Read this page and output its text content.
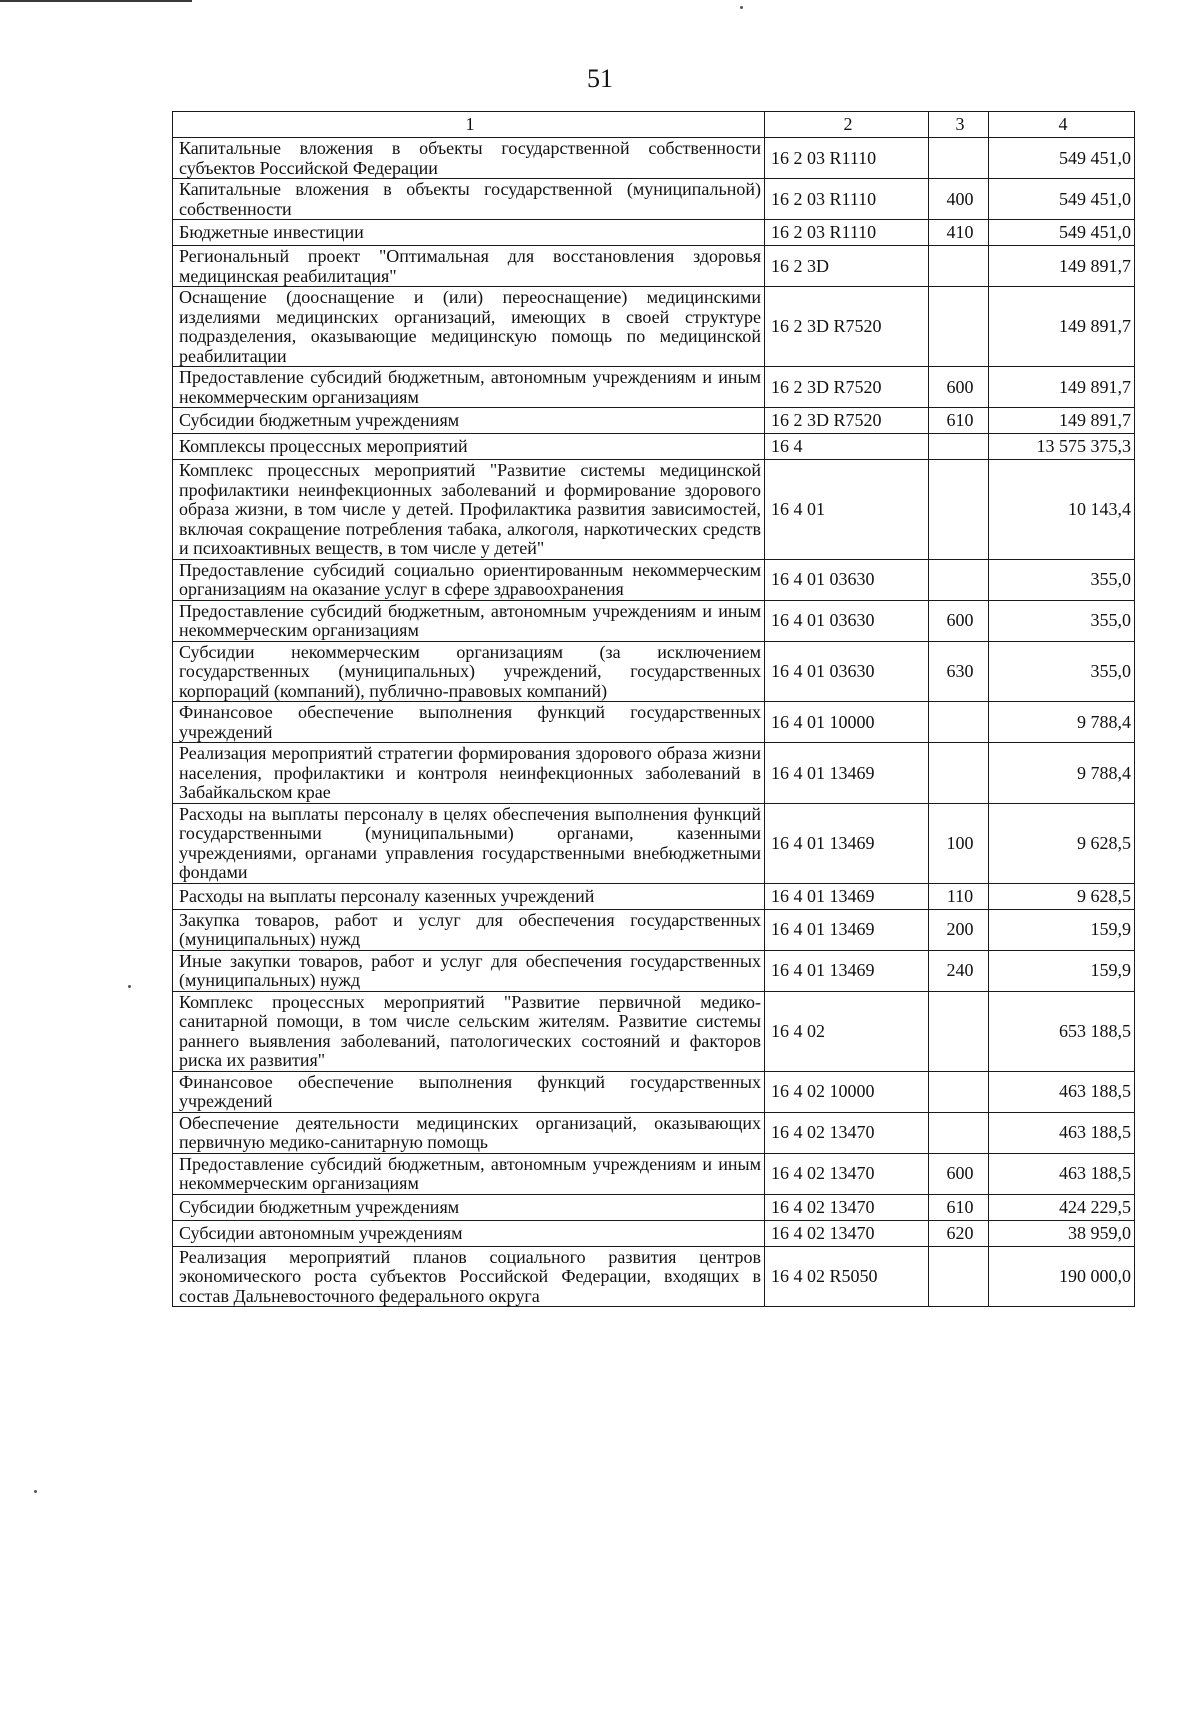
51
1	2	3	4
Капитальные вложения в объекты государственной собственности субъектов Российской Федерации	16 2 03 R1110		549 451,0
Капитальные вложения в объекты государственной (муниципальной) собственности	16 2 03 R1110	400	549 451,0
Бюджетные инвестиции	16 2 03 R1110	410	549 451,0
Региональный проект "Оптимальная для восстановления здоровья медицинская реабилитация"	16 2 3D		149 891,7
Оснащение (дооснащение и (или) переоснащение) медицинскими изделиями медицинских организаций, имеющих в своей структуре подразделения, оказывающие медицинскую помощь по медицинской реабилитации	16 2 3D R7520		149 891,7
Предоставление субсидий бюджетным, автономным учреждениям и иным некоммерческим организациям	16 2 3D R7520	600	149 891,7
Субсидии бюджетным учреждениям	16 2 3D R7520	610	149 891,7
Комплексы процессных мероприятий	16 4		13 575 375,3
Комплекс процессных мероприятий "Развитие системы медицинской профилактики неинфекционных заболеваний и формирование здорового образа жизни, в том числе у детей. Профилактика развития зависимостей, включая сокращение потребления табака, алкоголя, наркотических средств и психоактивных веществ, в том числе у детей"	16 4 01		10 143,4
Предоставление субсидий социально ориентированным некоммерческим организациям на оказание услуг в сфере здравоохранения	16 4 01 03630		355,0
Предоставление субсидий бюджетным, автономным учреждениям и иным некоммерческим организациям	16 4 01 03630	600	355,0
Субсидии некоммерческим организациям (за исключением государственных (муниципальных) учреждений, государственных корпораций (компаний), публично-правовых компаний)	16 4 01 03630	630	355,0
Финансовое обеспечение выполнения функций государственных учреждений	16 4 01 10000		9 788,4
Реализация мероприятий стратегии формирования здорового образа жизни населения, профилактики и контроля неинфекционных заболеваний в Забайкальском крае	16 4 01 13469		9 788,4
Расходы на выплаты персоналу в целях обеспечения выполнения функций государственными (муниципальными) органами, казенными учреждениями, органами управления государственными внебюджетными фондами	16 4 01 13469	100	9 628,5
Расходы на выплаты персоналу казенных учреждений	16 4 01 13469	110	9 628,5
Закупка товаров, работ и услуг для обеспечения государственных (муниципальных) нужд	16 4 01 13469	200	159,9
Иные закупки товаров, работ и услуг для обеспечения государственных (муниципальных) нужд	16 4 01 13469	240	159,9
Комплекс процессных мероприятий "Развитие первичной медико-санитарной помощи, в том числе сельским жителям. Развитие системы раннего выявления заболеваний, патологических состояний и факторов риска их развития"	16 4 02		653 188,5
Финансовое обеспечение выполнения функций государственных учреждений	16 4 02 10000		463 188,5
Обеспечение деятельности медицинских организаций, оказывающих первичную медико-санитарную помощь	16 4 02 13470		463 188,5
Предоставление субсидий бюджетным, автономным учреждениям и иным некоммерческим организациям	16 4 02 13470	600	463 188,5
Субсидии бюджетным учреждениям	16 4 02 13470	610	424 229,5
Субсидии автономным учреждениям	16 4 02 13470	620	38 959,0
Реализация мероприятий планов социального развития центров экономического роста субъектов Российской Федерации, входящих в состав Дальневосточного федерального округа	16 4 02 R5050		190 000,0
